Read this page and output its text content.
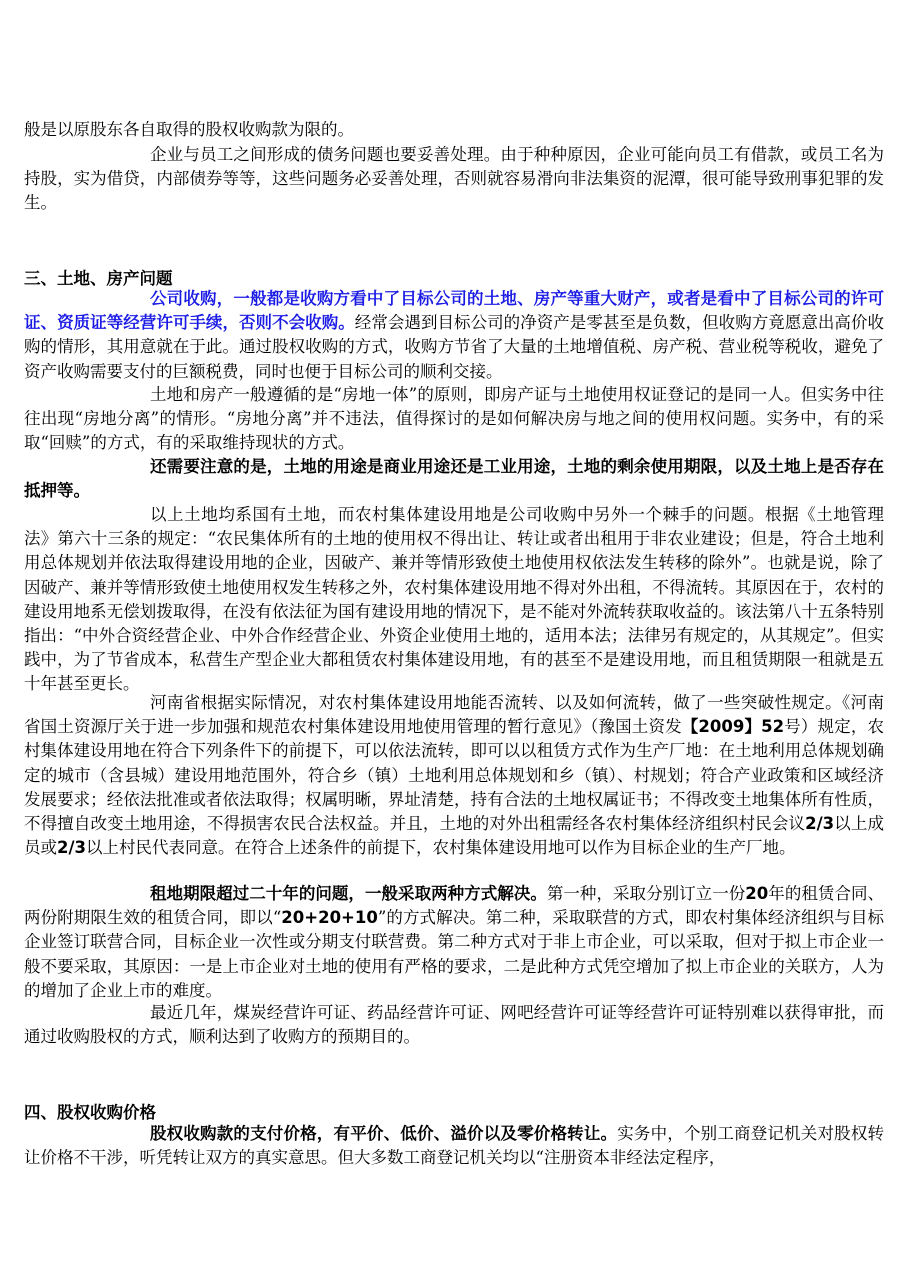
般是以原股东各自取得的股权收购款为限的。

企业与员工之间形成的债务问题也要妥善处理。由于种种原因，企业可能向员工有借款，或员工名为持股，实为借贷，内部债券等等，这些问题务必妥善处理，否则就容易滑向非法集资的泥潭，很可能导致刑事犯罪的发生。

三、土地、房产问题

公司收购，一般都是收购方看中了目标公司的土地、房产等重大财产，或者是看中了目标公司的许可证、资质证等经营许可手续，否则不会收购。经常会遇到目标公司的净资产是零甚至是负数，但收购方竟愿意出高价收购的情形，其用意就在于此。通过股权收购的方式，收购方节省了大量的土地增值税、房产税、营业税等税收，避免了资产收购需要支付的巨额税费，同时也便于目标公司的顺利交接。

土地和房产一般遵循的是“房地一体”的原则，即房产证与土地使用权证登记的是同一人。但实务中往往出现“房地分离”的情形。“房地分离”并不违法，值得探讨的是如何解决房与地之间的使用权问题。实务中，有的采取“回赎”的方式，有的采取维持现状的方式。

还需要注意的是，土地的用途是商业用途还是工业用途，土地的剩余使用期限，以及土地上是否存在抵押等。

以上土地均系国有土地，而农村集体建设用地是公司收购中另外一个棘手的问题。根据《土地管理法》第六十三条的规定：“农民集体所有的土地的使用权不得出让、转让或者出租用于非农业建设；但是，符合土地利用总体规划并依法取得建设用地的企业，因破产、兼并等情形致使土地使用权依法发生转移的除外”。也就是说，除了因破产、兼并等情形致使土地使用权发生转移之外，农村集体建设用地不得对外出租，不得流转。其原因在于，农村的建设用地系无偿划拨取得，在没有依法征为国有建设用地的情况下，是不能对外流转获取收益的。该法第八十五条特别指出：“中外合资经营企业、中外合作经营企业、外资企业使用土地的，适用本法；法律另有规定的，从其规定”。但实践中，为了节省成本，私营生产型企业大都租赁农村集体建设用地，有的甚至不是建设用地，而且租赁期限一租就是五十年甚至更长。

河南省根据实际情况，对农村集体建设用地能否流转、以及如何流转，做了一些突破性规定。《河南省国土资源厅关于进一步加强和规范农村集体建设用地使用管理的暂行意见》（豫国土资发【2009】52号）规定，农村集体建设用地在符合下列条件下的前提下，可以依法流转，即可以以租赁方式作为生产厂地：在土地利用总体规划确定的城市（含县城）建设用地范围外，符合乡（镇）土地利用总体规划和乡（镇）、村规划；符合产业政策和区域经济发展要求；经依法批准或者依法取得；权属明晰，界址清楚，持有合法的土地权属证书；不得改变土地集体所有性质，不得擅自改变土地用途，不得损害农民合法权益。并且，土地的对外出租需经各农村集体经济组织村民会议2/3以上成员或2/3以上村民代表同意。在符合上述条件的前提下，农村集体建设用地可以作为目标企业的生产厂地。

租地期限超过二十年的问题，一般采取两种方式解决。第一种，采取分别订立一份20年的租赁合同、两份附期限生效的租赁合同，即以“20+20+10”的方式解决。第二种，采取联营的方式，即农村集体经济组织与目标企业签订联营合同，目标企业一次性或分期支付联营费。第二种方式对于非上市企业，可以采取，但对于拟上市企业一般不要采取，其原因：一是上市企业对土地的使用有严格的要求，二是此种方式凭空增加了拟上市企业的关联方，人为的增加了企业上市的难度。

最近几年，煤炭经营许可证、药品经营许可证、网吧经营许可证等经营许可证特别难以获得审批，而通过收购股权的方式，顺利达到了收购方的预期目的。

四、股权收购价格

股权收购款的支付价格，有平价、低价、溢价以及零价格转让。实务中，个别工商登记机关对股权转让价格不干涉，听凭转让双方的真实意思。但大多数工商登记机关均以“注册资本非经法定程序，
